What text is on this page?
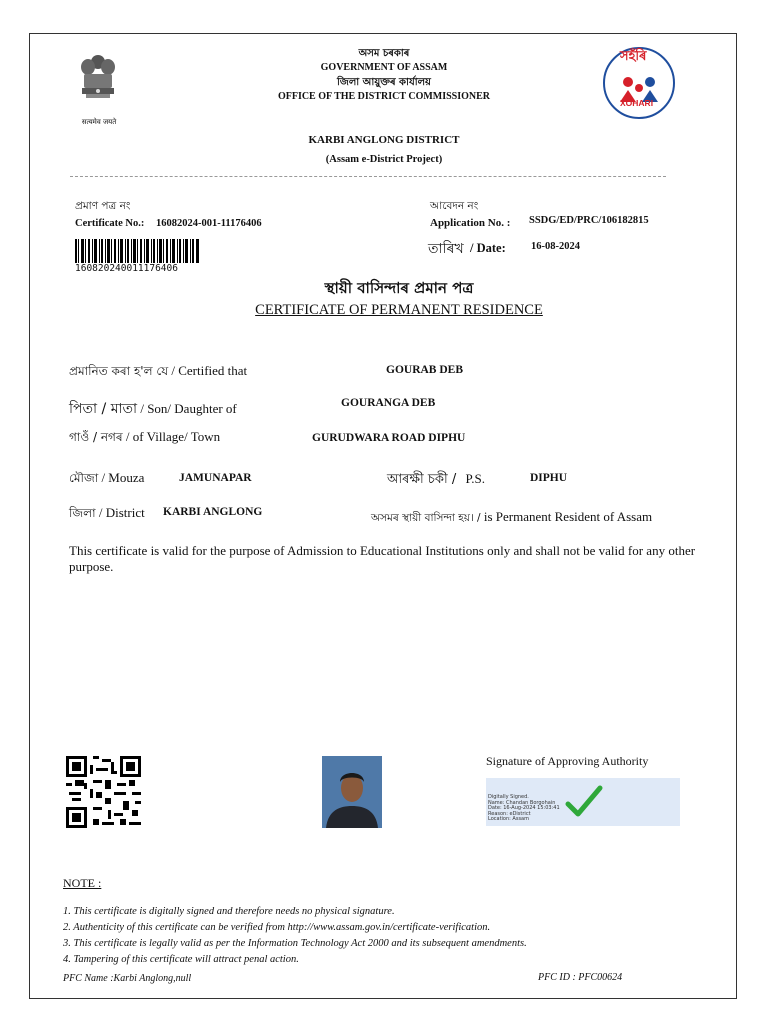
सत्यमेव जयते
অসম চৰকাৰ
GOVERNMENT OF ASSAM
জিলা আয়ুক্তৰ কাৰ্যালয়
OFFICE OF THE DISTRICT COMMISSIONER
সহঁৰি
XOHARI
KARBI ANGLONG DISTRICT
(Assam e-District Project)
প্ৰমাণ পত্ৰ নং
Certificate No.: 16082024-001-11176406
160820240011176406
আবেদন নং
Application No. : SSDG/ED/PRC/106182815
তাৰিখ / Date: 16-08-2024
স্থায়ী বাসিন্দাৰ প্ৰমান পত্ৰ
CERTIFICATE OF PERMANENT RESIDENCE
প্ৰমানিত কৰা হ'ল যে / Certified that	GOURAB DEB
পিতা / মাতা / Son/ Daughter of	GOURANGA DEB
গাওঁ / নগৰ / of Village/ Town	GURUDWARA ROAD DIPHU
মৌজা / Mouza	JAMUNAPAR	আৰক্ষী চকী / P.S.	DIPHU
জিলা / District KARBI ANGLONG	অসমৰ স্থায়ী বাসিন্দা হয়। / is Permanent Resident of Assam
This certificate is valid for the purpose of Admission to Educational Institutions only and shall not be valid for any other purpose.
Signature of Approving Authority
Digitally Signed.
Name: Chandan Borgohain
Date: 16-Aug-2024 15:03:41
Reason: eDistrict
Location: Assam
NOTE :
1. This certificate is digitally signed and therefore needs no physical signature.
2. Authenticity of this certificate can be verified from http://www.assam.gov.in/certificate-verification.
3. This certificate is legally valid as per the Information Technology Act 2000 and its subsequent amendments.
4. Tampering of this certificate will attract penal action.
PFC Name :Karbi Anglong,null	PFC ID : PFC00624
